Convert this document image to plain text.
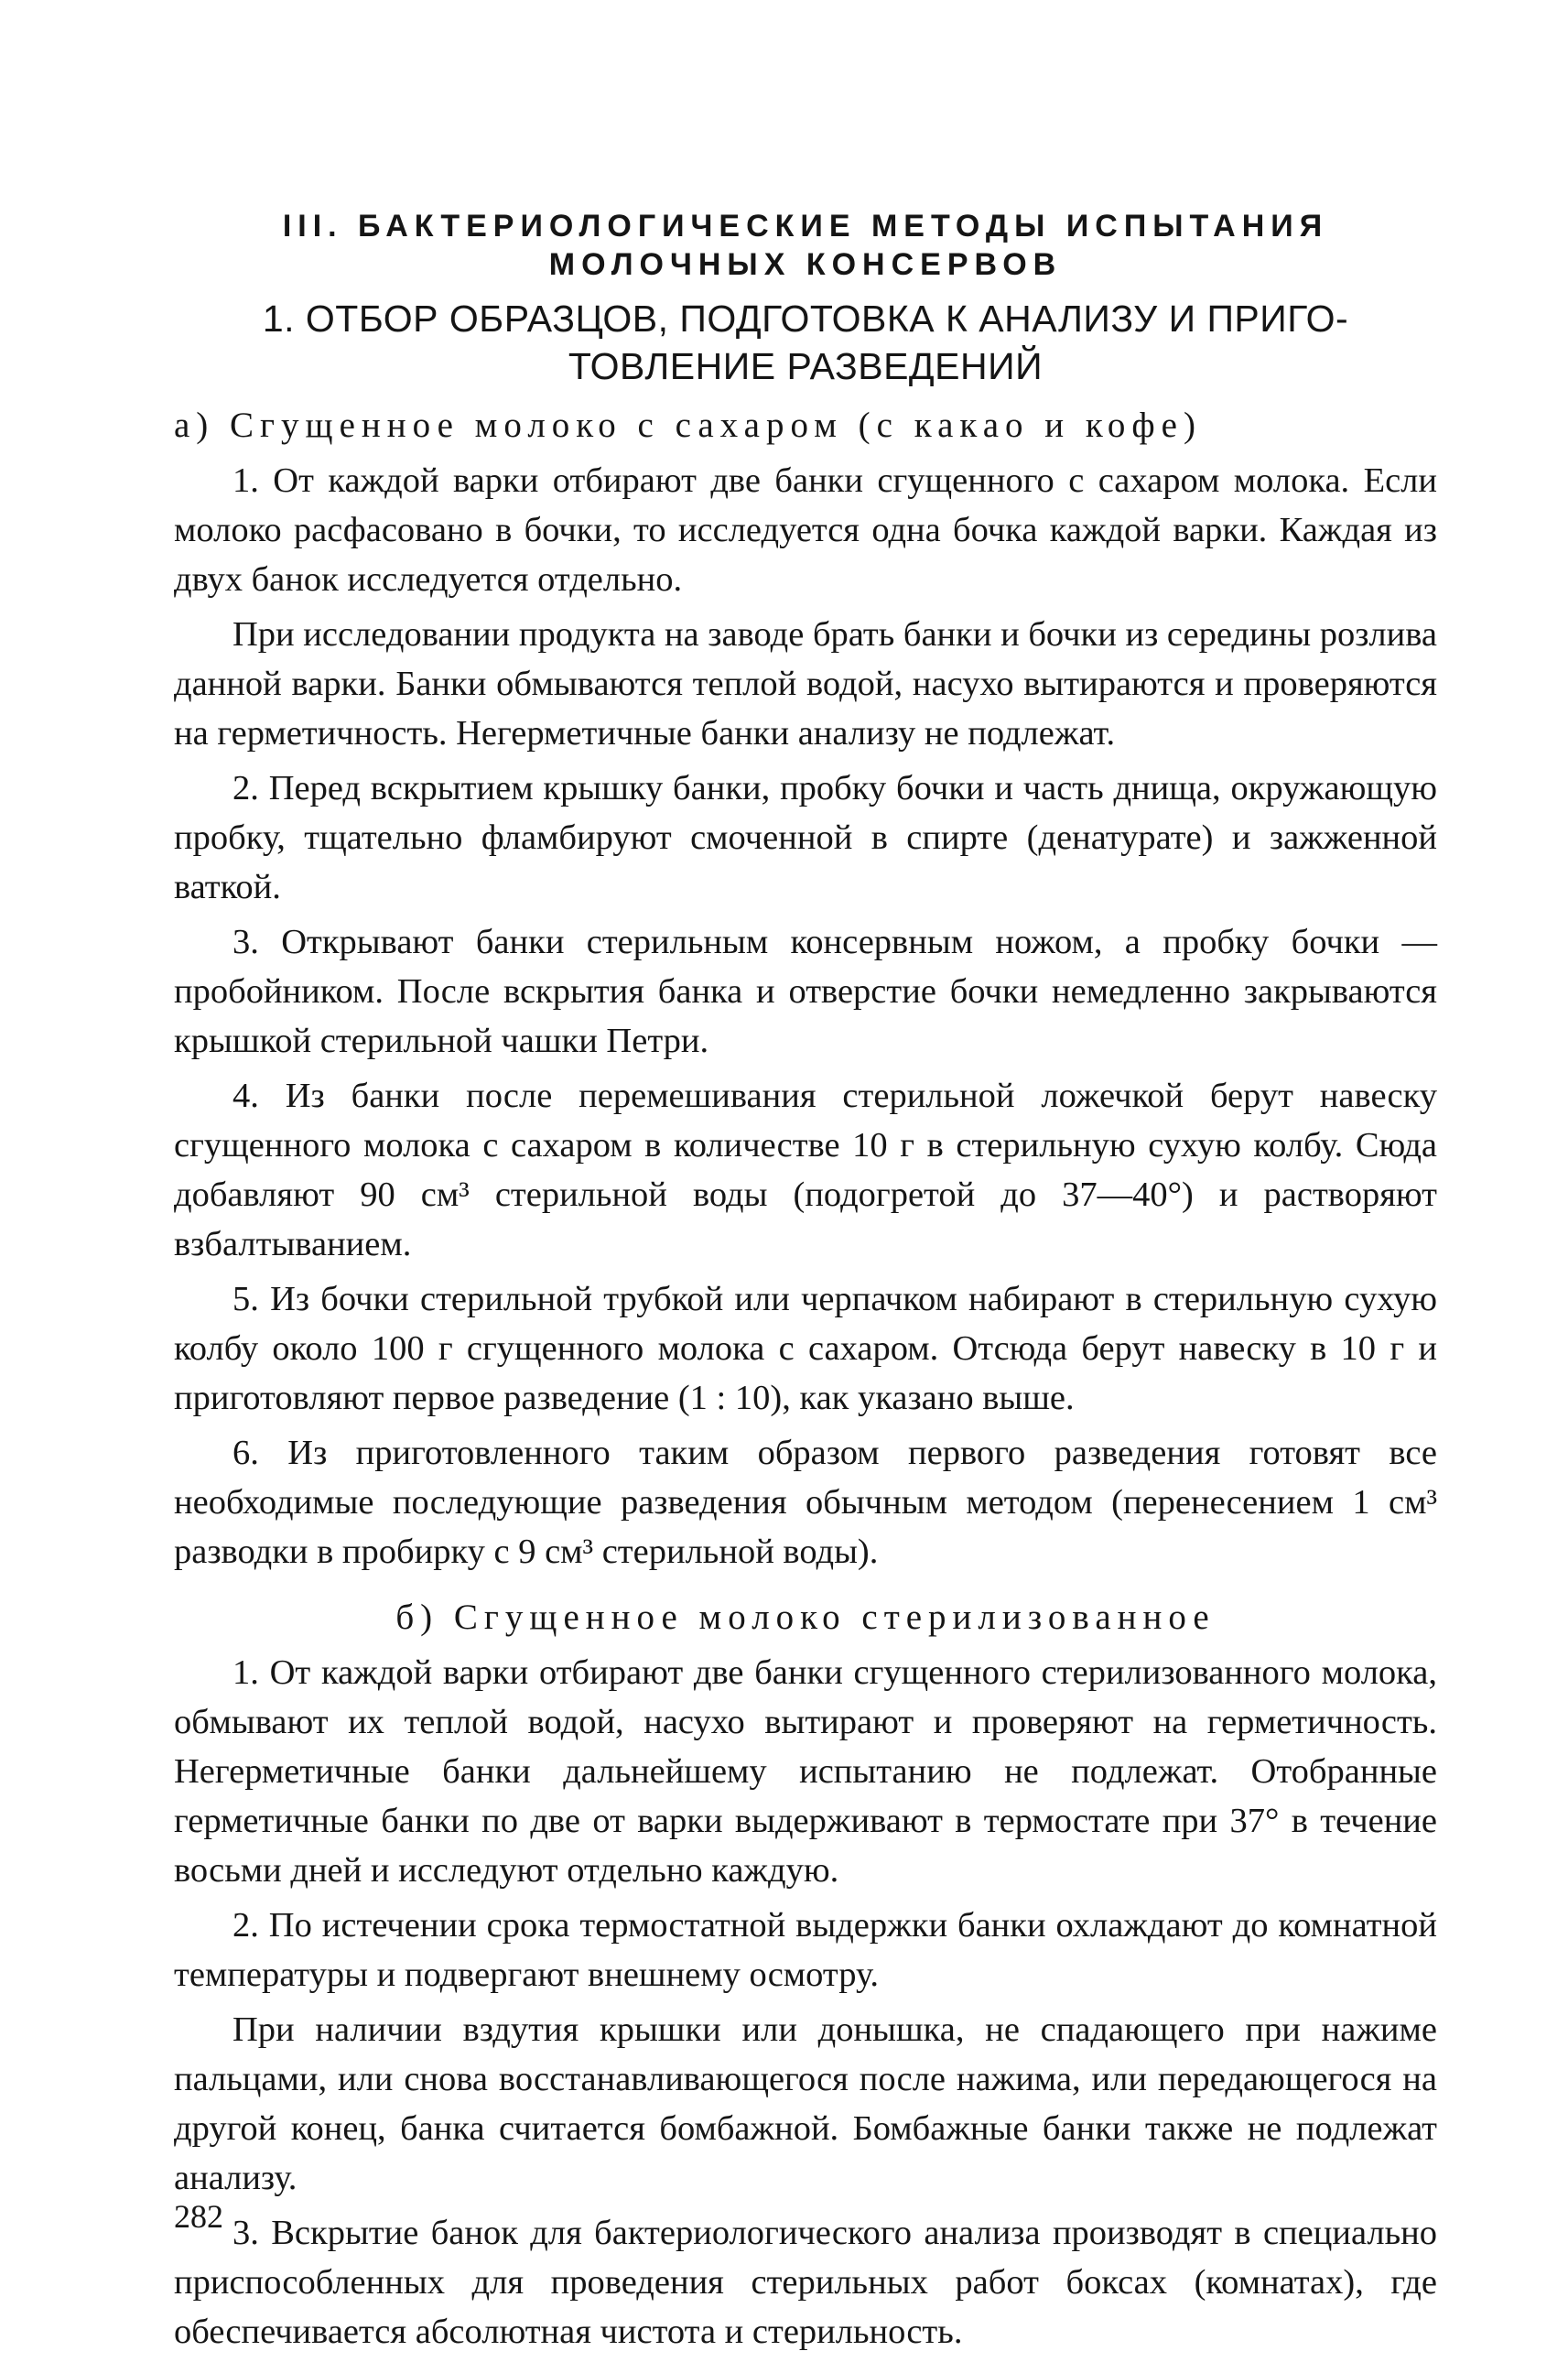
III. БАКТЕРИОЛОГИЧЕСКИЕ МЕТОДЫ ИСПЫТАНИЯ

МОЛОЧНЫХ КОНСЕРВОВ

1. ОТБОР ОБРАЗЦОВ, ПОДГОТОВКА К АНАЛИЗУ И ПРИГО-
ТОВЛЕНИЕ РАЗВЕДЕНИЙ
а) Сгущенное молоко с сахаром (с какао и кофе)

1. От каждой варки отбирают две банки сгущенного с сахаром молока. Если молоко расфасовано в бочки, то исследуется одна бочка каждой варки. Каждая из двух банок исследуется отдельно.

При исследовании продукта на заводе брать банки и бочки из середины розлива данной варки. Банки обмываются теплой водой, насухо вытираются и проверяются на герметичность. Негерметичные банки анализу не подлежат.

2. Перед вскрытием крышку банки, пробку бочки и часть днища, окружающую пробку, тщательно фламбируют смоченной в спирте (денатурате) и зажженной ваткой.

3. Открывают банки стерильным консервным ножом, а пробку бочки — пробойником. После вскрытия банка и отверстие бочки немедленно закрываются крышкой стерильной чашки Петри.

4. Из банки после перемешивания стерильной ложечкой берут навеску сгущенного молока с сахаром в количестве 10 г в стерильную сухую колбу. Сюда добавляют 90 см³ стерильной воды (подогретой до 37—40°) и растворяют взбалтыванием.

5. Из бочки стерильной трубкой или черпачком набирают в стерильную сухую колбу около 100 г сгущенного молока с сахаром. Отсюда берут навеску в 10 г и приготовляют первое разведение (1 : 10), как указано выше.

6. Из приготовленного таким образом первого разведения готовят все необходимые последующие разведения обычным методом (перенесением 1 см³ разводки в пробирку с 9 см³ стерильной воды).

б) Сгущенное молоко стерилизованное

1. От каждой варки отбирают две банки сгущенного стерилизованного молока, обмывают их теплой водой, насухо вытирают и проверяют на герметичность. Негерметичные банки дальнейшему испытанию не подлежат. Отобранные герметичные банки по две от варки выдерживают в термостате при 37° в течение восьми дней и исследуют отдельно каждую.

2. По истечении срока термостатной выдержки банки охлаждают до комнатной температуры и подвергают внешнему осмотру.

При наличии вздутия крышки или донышка, не спадающего при нажиме пальцами, или снова восстанавливающегося после нажима, или передающегося на другой конец, банка считается бомбажной. Бомбажные банки также не подлежат анализу.

3. Вскрытие банок для бактериологического анализа производят в специально приспособленных для проведения стерильных работ боксах (комнатах), где обеспечивается абсолютная чистота и стерильность.

282
